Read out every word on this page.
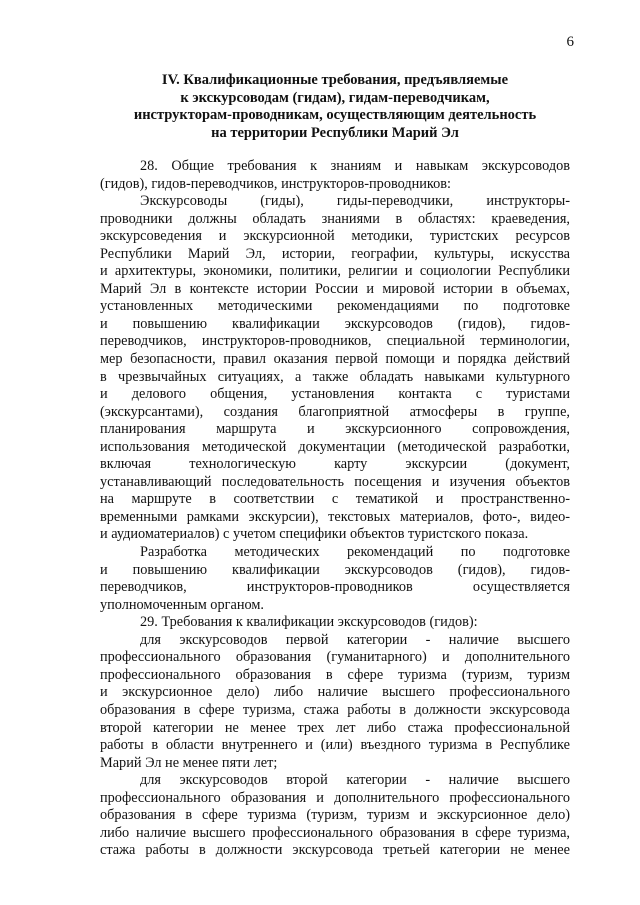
6
IV. Квалификационные требования, предъявляемые
к экскурсоводам (гидам), гидам-переводчикам,
инструкторам-проводникам, осуществляющим деятельность
на территории Республики Марий Эл
28. Общие требования к знаниям и навыкам экскурсоводов
(гидов), гидов-переводчиков, инструкторов-проводников:
Экскурсоводы (гиды), гиды-переводчики, инструкторы-
проводники должны обладать знаниями в областях: краеведения,
экскурсоведения и экскурсионной методики, туристских ресурсов
Республики Марий Эл, истории, географии, культуры, искусства
и архитектуры, экономики, политики, религии и социологии Республики
Марий Эл в контексте истории России и мировой истории в объемах,
установленных методическими рекомендациями по подготовке
и повышению квалификации экскурсоводов (гидов), гидов-
переводчиков, инструкторов-проводников, специальной терминологии,
мер безопасности, правил оказания первой помощи и порядка действий
в чрезвычайных ситуациях, а также обладать навыками культурного
и делового общения, установления контакта с туристами
(экскурсантами), создания благоприятной атмосферы в группе,
планирования маршрута и экскурсионного сопровождения,
использования методической документации (методической разработки,
включая технологическую карту экскурсии (документ,
устанавливающий последовательность посещения и изучения объектов
на маршруте в соответствии с тематикой и пространственно-
временными рамками экскурсии), текстовых материалов, фото-, видео-
и аудиоматериалов) с учетом специфики объектов туристского показа.
Разработка методических рекомендаций по подготовке
и повышению квалификации экскурсоводов (гидов), гидов-
переводчиков, инструкторов-проводников осуществляется
уполномоченным органом.
29. Требования к квалификации экскурсоводов (гидов):
для экскурсоводов первой категории - наличие высшего
профессионального образования (гуманитарного) и дополнительного
профессионального образования в сфере туризма (туризм, туризм
и экскурсионное дело) либо наличие высшего профессионального
образования в сфере туризма, стажа работы в должности экскурсовода
второй категории не менее трех лет либо стажа профессиональной
работы в области внутреннего и (или) въездного туризма в Республике
Марий Эл не менее пяти лет;
для экскурсоводов второй категории - наличие высшего
профессионального образования и дополнительного профессионального
образования в сфере туризма (туризм, туризм и экскурсионное дело)
либо наличие высшего профессионального образования в сфере туризма,
стажа работы в должности экскурсовода третьей категории не менее
